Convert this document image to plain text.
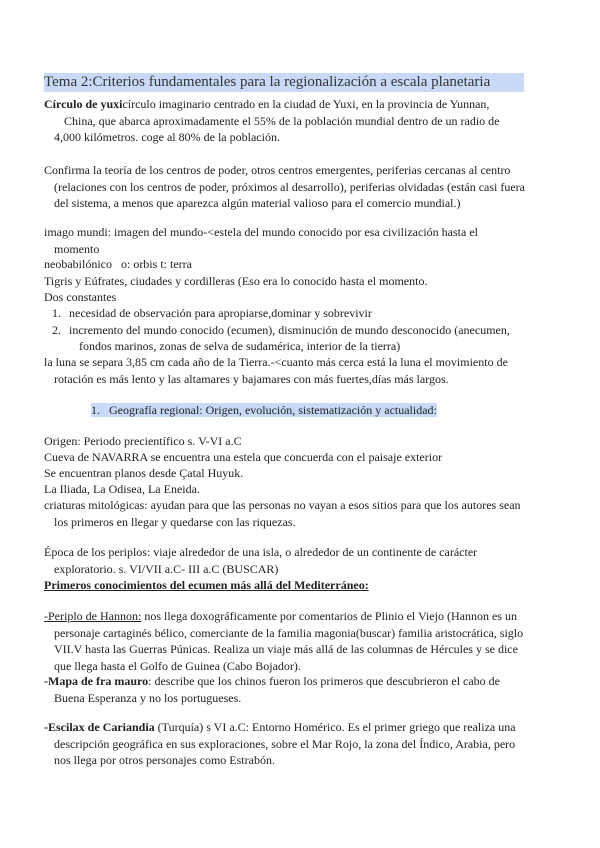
Tema 2:Criterios fundamentales para la regionalización a escala planetaria
Círculo de yuxicírculo imaginario centrado en la ciudad de Yuxi, en la provincia de Yunnan,
China, que abarca aproximadamente el 55% de la población mundial dentro de un radio de
4,000 kilómetros. coge al 80% de la población.
Confirma la teoría de los centros de poder, otros centros emergentes, periferias cercanas al centro
(relaciones con los centros de poder, próximos al desarrollo), periferias olvidadas (están casi fuera
del sistema, a menos que aparezca algún material valioso para el comercio mundial.)
imago mundi: imagen del mundo-<estela del mundo conocido por esa civilización hasta el
momento
neobabilónico   o: orbis t: terra
Tigris y Eúfrates, ciudades y cordilleras (Eso era lo conocido hasta el momento.
Dos constantes
1. necesidad de observación para apropiarse,dominar y sobrevivir
2. incremento del mundo conocido (ecumen), disminución de mundo desconocido (anecumen,
fondos marinos, zonas de selva de sudamérica, interior de la tierra)
la luna se separa 3,85 cm cada año de la Tierra.-<cuanto más cerca está la luna el movimiento de
rotación es más lento y las altamares y bajamares con más fuertes,días más largos.
1. Geografía regional: Origen, evolución, sistematización y actualidad:
Origen: Periodo precientífico s. V-VI a.C
Cueva de NAVARRA se encuentra una estela que concuerda con el paisaje exterior
Se encuentran planos desde Çatal Huyuk.
La Iliada, La Odisea, La Eneida.
criaturas mitológicas: ayudan para que las personas no vayan a esos sitios para que los autores sean
los primeros en llegar y quedarse con las riquezas.
Época de los periplos: viaje alrededor de una isla, o alrededor de un continente de carácter
exploratorio. s. VI/VII a.C- III a.C (BUSCAR)
Primeros conocimientos del ecumen más allá del Mediterráneo:
-Periplo de Hannon: nos llega doxográficamente por comentarios de Plinio el Viejo (Hannon es un
personaje cartaginés bélico, comerciante de la familia magonia(buscar) familia aristocrática, siglo
VII.V hasta las Guerras Púnicas. Realiza un viaje más allá de las columnas de Hércules y se dice
que llega hasta el Golfo de Guinea (Cabo Bojador).
-Mapa de fra mauro: describe que los chinos fueron los primeros que descubrieron el cabo de
Buena Esperanza y no los portugueses.
-Escilax de Cariandia (Turquía) s VI a.C: Entorno Homérico. Es el primer griego que realiza una
descripción geográfica en sus exploraciones, sobre el Mar Rojo, la zona del Índico, Arabia, pero
nos llega por otros personajes como Estrabón.
